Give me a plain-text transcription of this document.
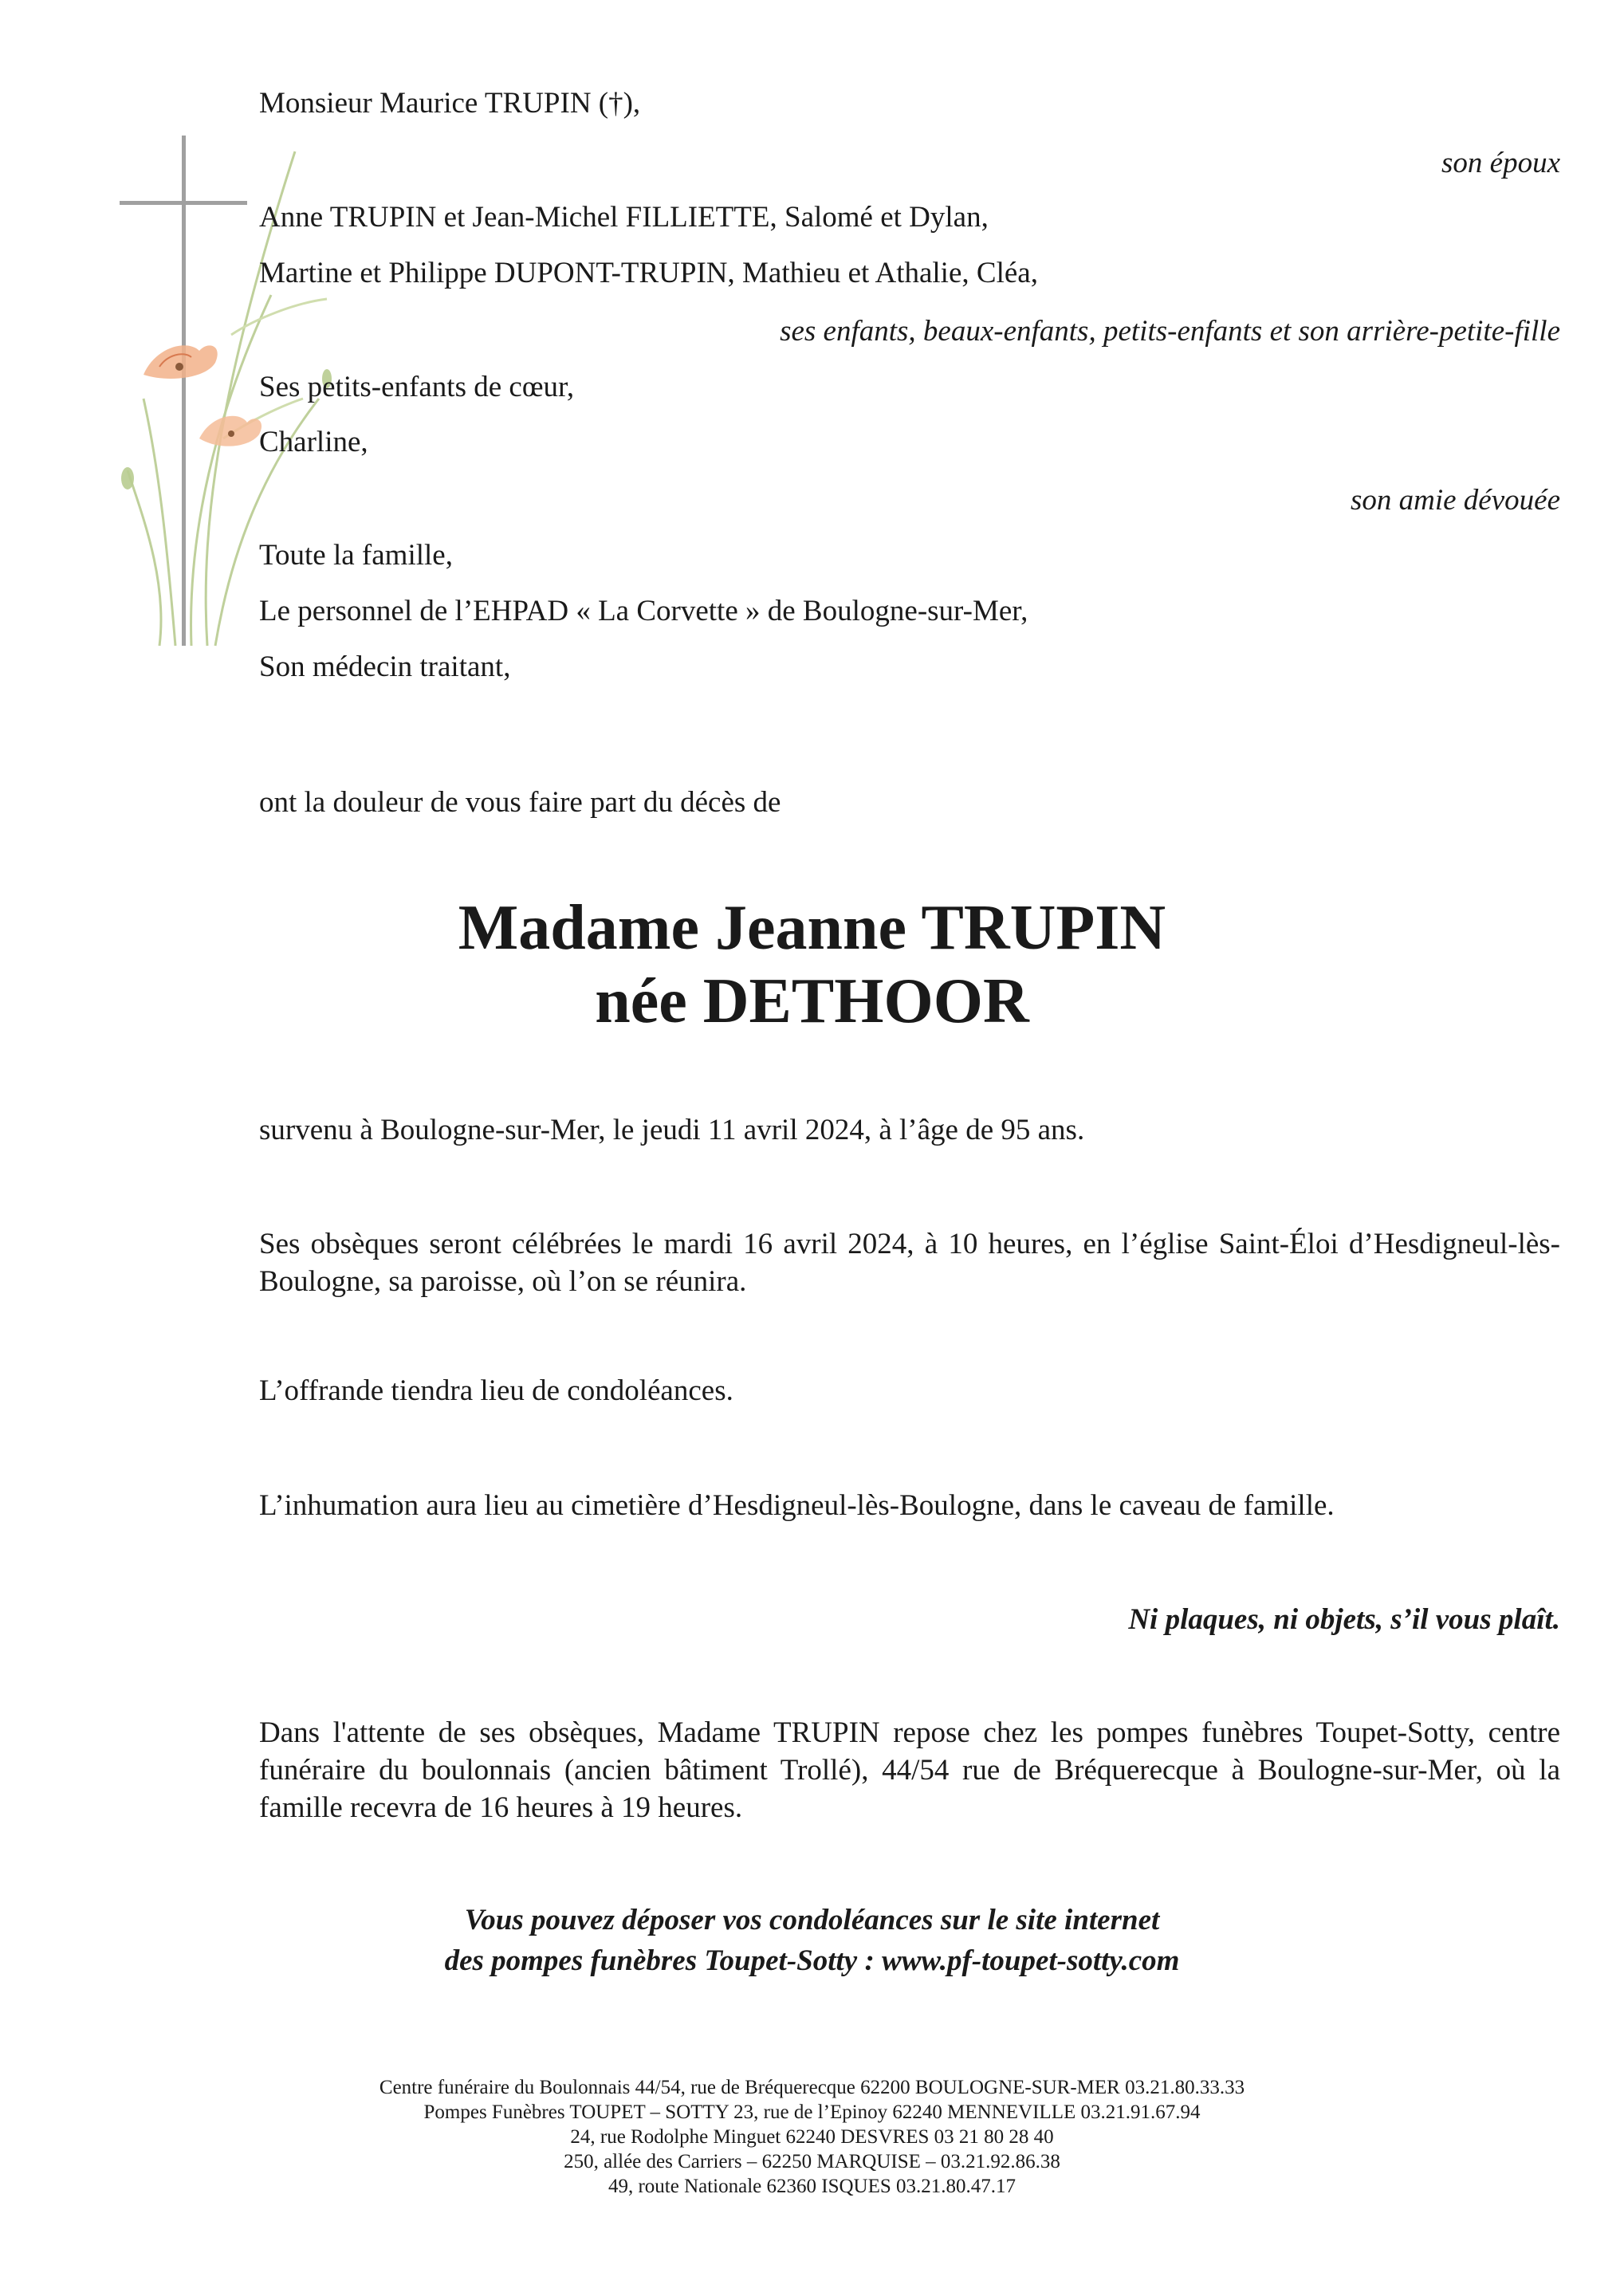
Monsieur Maurice TRUPIN (†),
son époux
Anne TRUPIN et Jean-Michel FILLIETTE, Salomé et Dylan,
Martine et Philippe DUPONT-TRUPIN, Mathieu et Athalie, Cléa,
ses enfants, beaux-enfants, petits-enfants et son arrière-petite-fille
Ses petits-enfants de cœur,
Charline,
son amie dévouée
Toute la famille,
Le personnel de l’EHPAD « La Corvette » de Boulogne-sur-Mer,
Son médecin traitant,
ont la douleur de vous faire part du décès de
Madame Jeanne TRUPIN
née DETHOOR
survenu à Boulogne-sur-Mer, le jeudi 11 avril 2024, à l’âge de 95 ans.
Ses obsèques seront célébrées le mardi 16 avril 2024, à 10 heures, en l’église Saint-Éloi d’Hesdigneul-lès-Boulogne, sa paroisse, où l’on se réunira.
L’offrande tiendra lieu de condoléances.
L’inhumation aura lieu au cimetière d’Hesdigneul-lès-Boulogne, dans le caveau de famille.
Ni plaques, ni objets, s’il vous plaît.
Dans l'attente de ses obsèques, Madame TRUPIN repose chez les pompes funèbres Toupet-Sotty, centre funéraire du boulonnais (ancien bâtiment Trollé), 44/54 rue de Bréquerecque à Boulogne-sur-Mer, où la famille recevra de 16 heures à 19 heures.
Vous pouvez déposer vos condoléances sur le site internet
des pompes funèbres Toupet-Sotty : www.pf-toupet-sotty.com
Centre funéraire du Boulonnais 44/54, rue de Bréquerecque 62200 BOULOGNE-SUR-MER 03.21.80.33.33
Pompes Funèbres TOUPET – SOTTY 23, rue de l’Epinoy 62240 MENNEVILLE 03.21.91.67.94
24, rue Rodolphe Minguet 62240 DESVRES 03 21 80 28 40
250, allée des Carriers – 62250 MARQUISE – 03.21.92.86.38
49, route Nationale 62360 ISQUES 03.21.80.47.17
